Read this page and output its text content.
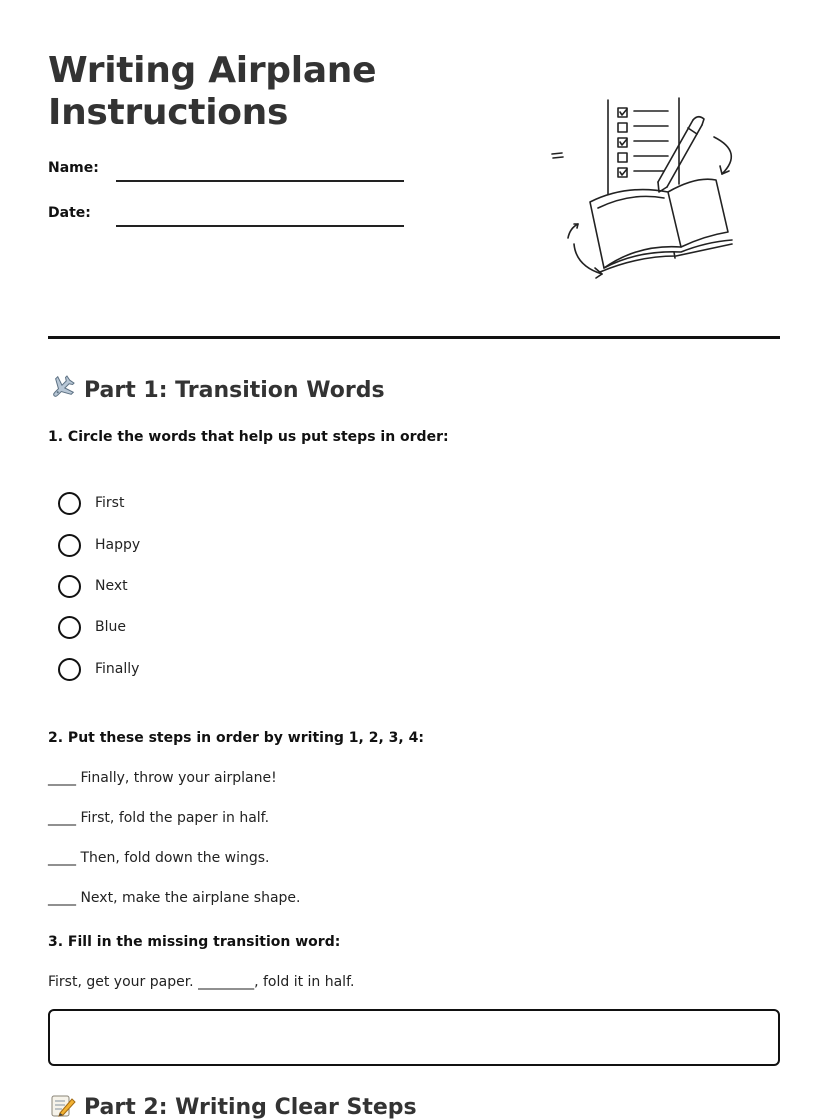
Writing Airplane Instructions
Name:
Date:
Part 1: Transition Words
1. Circle the words that help us put steps in order:
First
Happy
Next
Blue
Finally
2. Put these steps in order by writing 1, 2, 3, 4:
____ Finally, throw your airplane!
____ First, fold the paper in half.
____ Then, fold down the wings.
____ Next, make the airplane shape.
3. Fill in the missing transition word:
First, get your paper. ________, fold it in half.
Part 2: Writing Clear Steps
